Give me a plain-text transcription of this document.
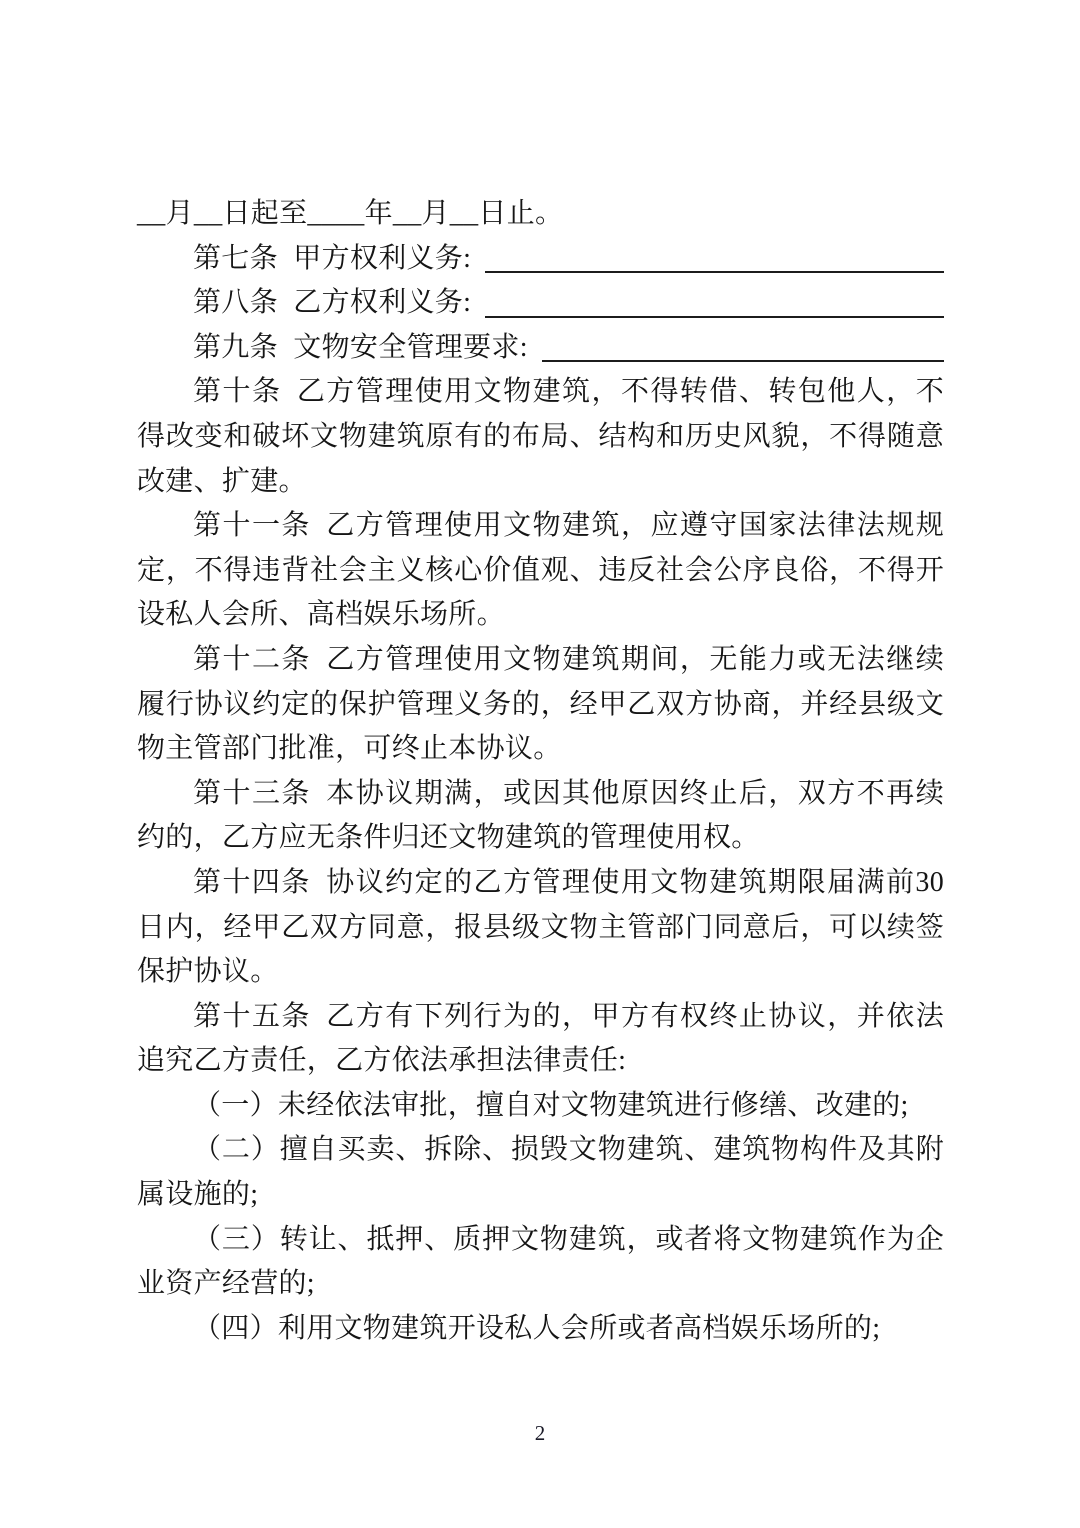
__月__日起至____年__月__日止。

第七条 甲方权利义务:
第八条 乙方权利义务:
第九条 文物安全管理要求:

第十条 乙方管理使用文物建筑，不得转借、转包他人，不得改变和破坏文物建筑原有的布局、结构和历史风貌，不得随意改建、扩建。

第十一条 乙方管理使用文物建筑，应遵守国家法律法规规定，不得违背社会主义核心价值观、违反社会公序良俗，不得开设私人会所、高档娱乐场所。

第十二条 乙方管理使用文物建筑期间，无能力或无法继续履行协议约定的保护管理义务的，经甲乙双方协商，并经县级文物主管部门批准，可终止本协议。

第十三条 本协议期满，或因其他原因终止后，双方不再续约的，乙方应无条件归还文物建筑的管理使用权。

第十四条 协议约定的乙方管理使用文物建筑期限届满前30日内，经甲乙双方同意，报县级文物主管部门同意后，可以续签保护协议。

第十五条 乙方有下列行为的，甲方有权终止协议，并依法追究乙方责任，乙方依法承担法律责任:

（一）未经依法审批，擅自对文物建筑进行修缮、改建的;

（二）擅自买卖、拆除、损毁文物建筑、建筑物构件及其附属设施的;

（三）转让、抵押、质押文物建筑，或者将文物建筑作为企业资产经营的;

（四）利用文物建筑开设私人会所或者高档娱乐场所的;

2
